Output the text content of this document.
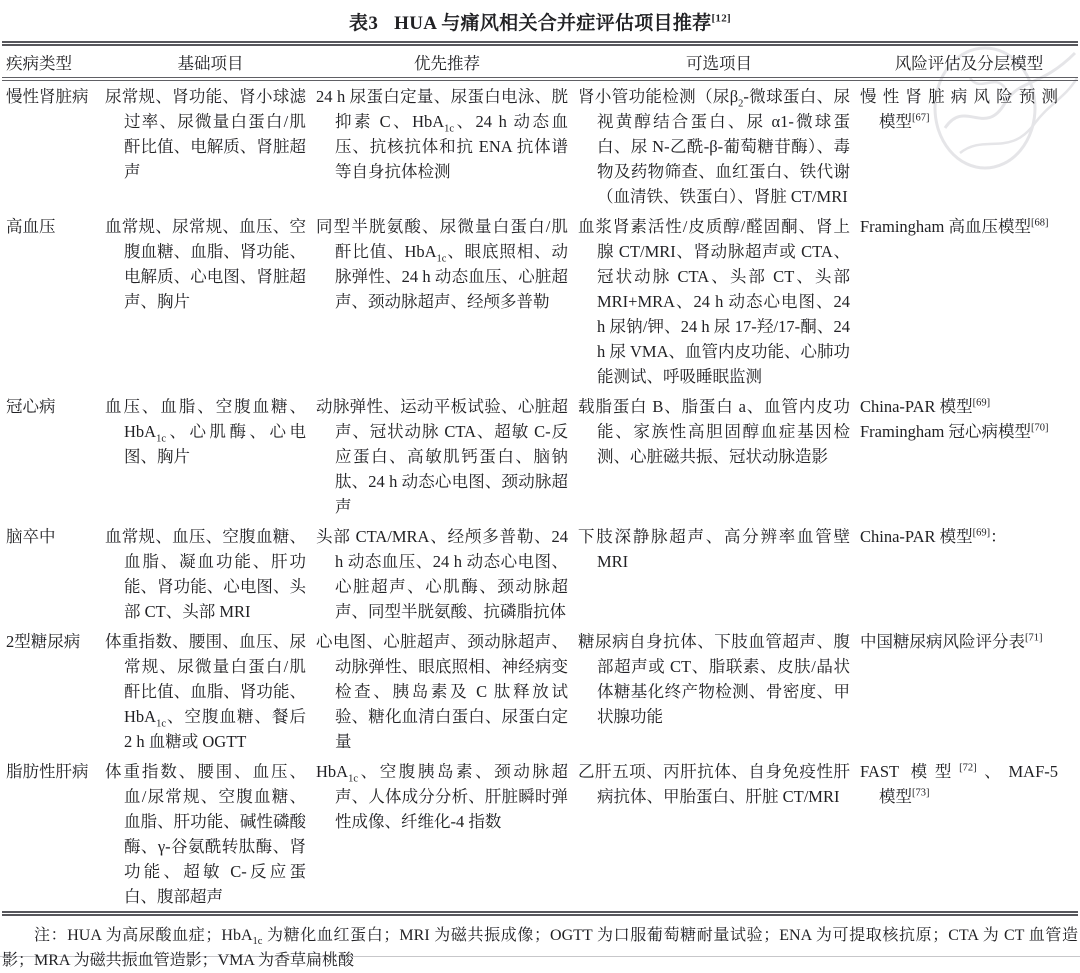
表3 HUA 与痛风相关合并症评估项目推荐[12]
疾病类型	基础项目	优先推荐	可选项目	风险评估及分层模型

慢性肾脏病	尿常规、肾功能、肾小球滤过率、尿微量白蛋白/肌酐比值、电解质、肾脏超声	24 h 尿蛋白定量、尿蛋白电泳、胱抑素 C、HbA$_{1c}$、24 h 动态血压、抗核抗体和抗 ENA 抗体谱等自身抗体检测	肾小管功能检测（尿$\beta_2-$微球蛋白、尿视黄醇结合蛋白、尿 α1-微球蛋白、尿 N-乙酰-β-葡萄糖苷酶）、毒物及药物筛查、血红蛋白、铁代谢（血清铁、铁蛋白）、肾脏 CT/MRI	慢性肾脏病风险预测模型[67]

高血压	血常规、尿常规、血压、空腹血糖、血脂、肾功能、电解质、心电图、肾脏超声、胸片	同型半胱氨酸、尿微量白蛋白/肌酐比值、HbA$_{1c}$、眼底照相、动脉弹性、24 h 动态血压、心脏超声、颈动脉超声、经颅多普勒	血浆肾素活性/皮质醇/醛固酮、肾上腺 CT/MRI、肾动脉超声或 CTA、冠状动脉 CTA、头部 CT、头部 MRI+MRA、24 h 动态心电图、24 h 尿钠/钾、24 h 尿 17-羟/17-酮、24 h 尿 VMA、血管内皮功能、心肺功能测试、呼吸睡眠监测	Framingham 高血压模型[68]

冠心病	血压、血脂、空腹血糖、HbA$_{1c}$、心肌酶、心电图、胸片	动脉弹性、运动平板试验、心脏超声、冠状动脉 CTA、超敏 C-反应蛋白、高敏肌钙蛋白、脑钠肽、24 h 动态心电图、颈动脉超声	载脂蛋白 B、脂蛋白 a、血管内皮功能、家族性高胆固醇血症基因检测、心脏磁共振、冠状动脉造影	China-PAR 模型[69]
Framingham 冠心病模型[70]

脑卒中	血常规、血压、空腹血糖、血脂、凝血功能、肝功能、肾功能、心电图、头部 CT、头部 MRI	头部 CTA/MRA、经颅多普勒、24 h 动态血压、24 h 动态心电图、心脏超声、心肌酶、颈动脉超声、同型半胱氨酸、抗磷脂抗体	下肢深静脉超声、高分辨率血管壁 MRI	China-PAR 模型[69]：

2型糖尿病	体重指数、腰围、血压、尿常规、尿微量白蛋白/肌酐比值、血脂、肾功能、HbA$_{1c}$、空腹血糖、餐后 2 h 血糖或 OGTT	心电图、心脏超声、颈动脉超声、动脉弹性、眼底照相、神经病变检查、胰岛素及 C 肽释放试验、糖化血清白蛋白、尿蛋白定量	糖尿病自身抗体、下肢血管超声、腹部超声或 CT、脂联素、皮肤/晶状体糖基化终产物检测、骨密度、甲状腺功能	中国糖尿病风险评分表[71]

脂肪性肝病	体重指数、腰围、血压、血/尿常规、空腹血糖、血脂、肝功能、碱性磷酸酶、γ-谷氨酰转肽酶、肾功能、超敏 C-反应蛋白、腹部超声	HbA$_{1c}$、空腹胰岛素、颈动脉超声、人体成分分析、肝脏瞬时弹性成像、纤维化-4 指数	乙肝五项、丙肝抗体、自身免疫性肝病抗体、甲胎蛋白、肝脏 CT/MRI	FAST 模型[72]、MAF-5 模型[73]
注：HUA 为高尿酸血症；HbA$_{1c}$ 为糖化血红蛋白；MRI 为磁共振成像；OGTT 为口服葡萄糖耐量试验；ENA 为可提取核抗原；CTA 为 CT 血管造影；MRA 为磁共振血管造影；VMA 为香草扁桃酸
